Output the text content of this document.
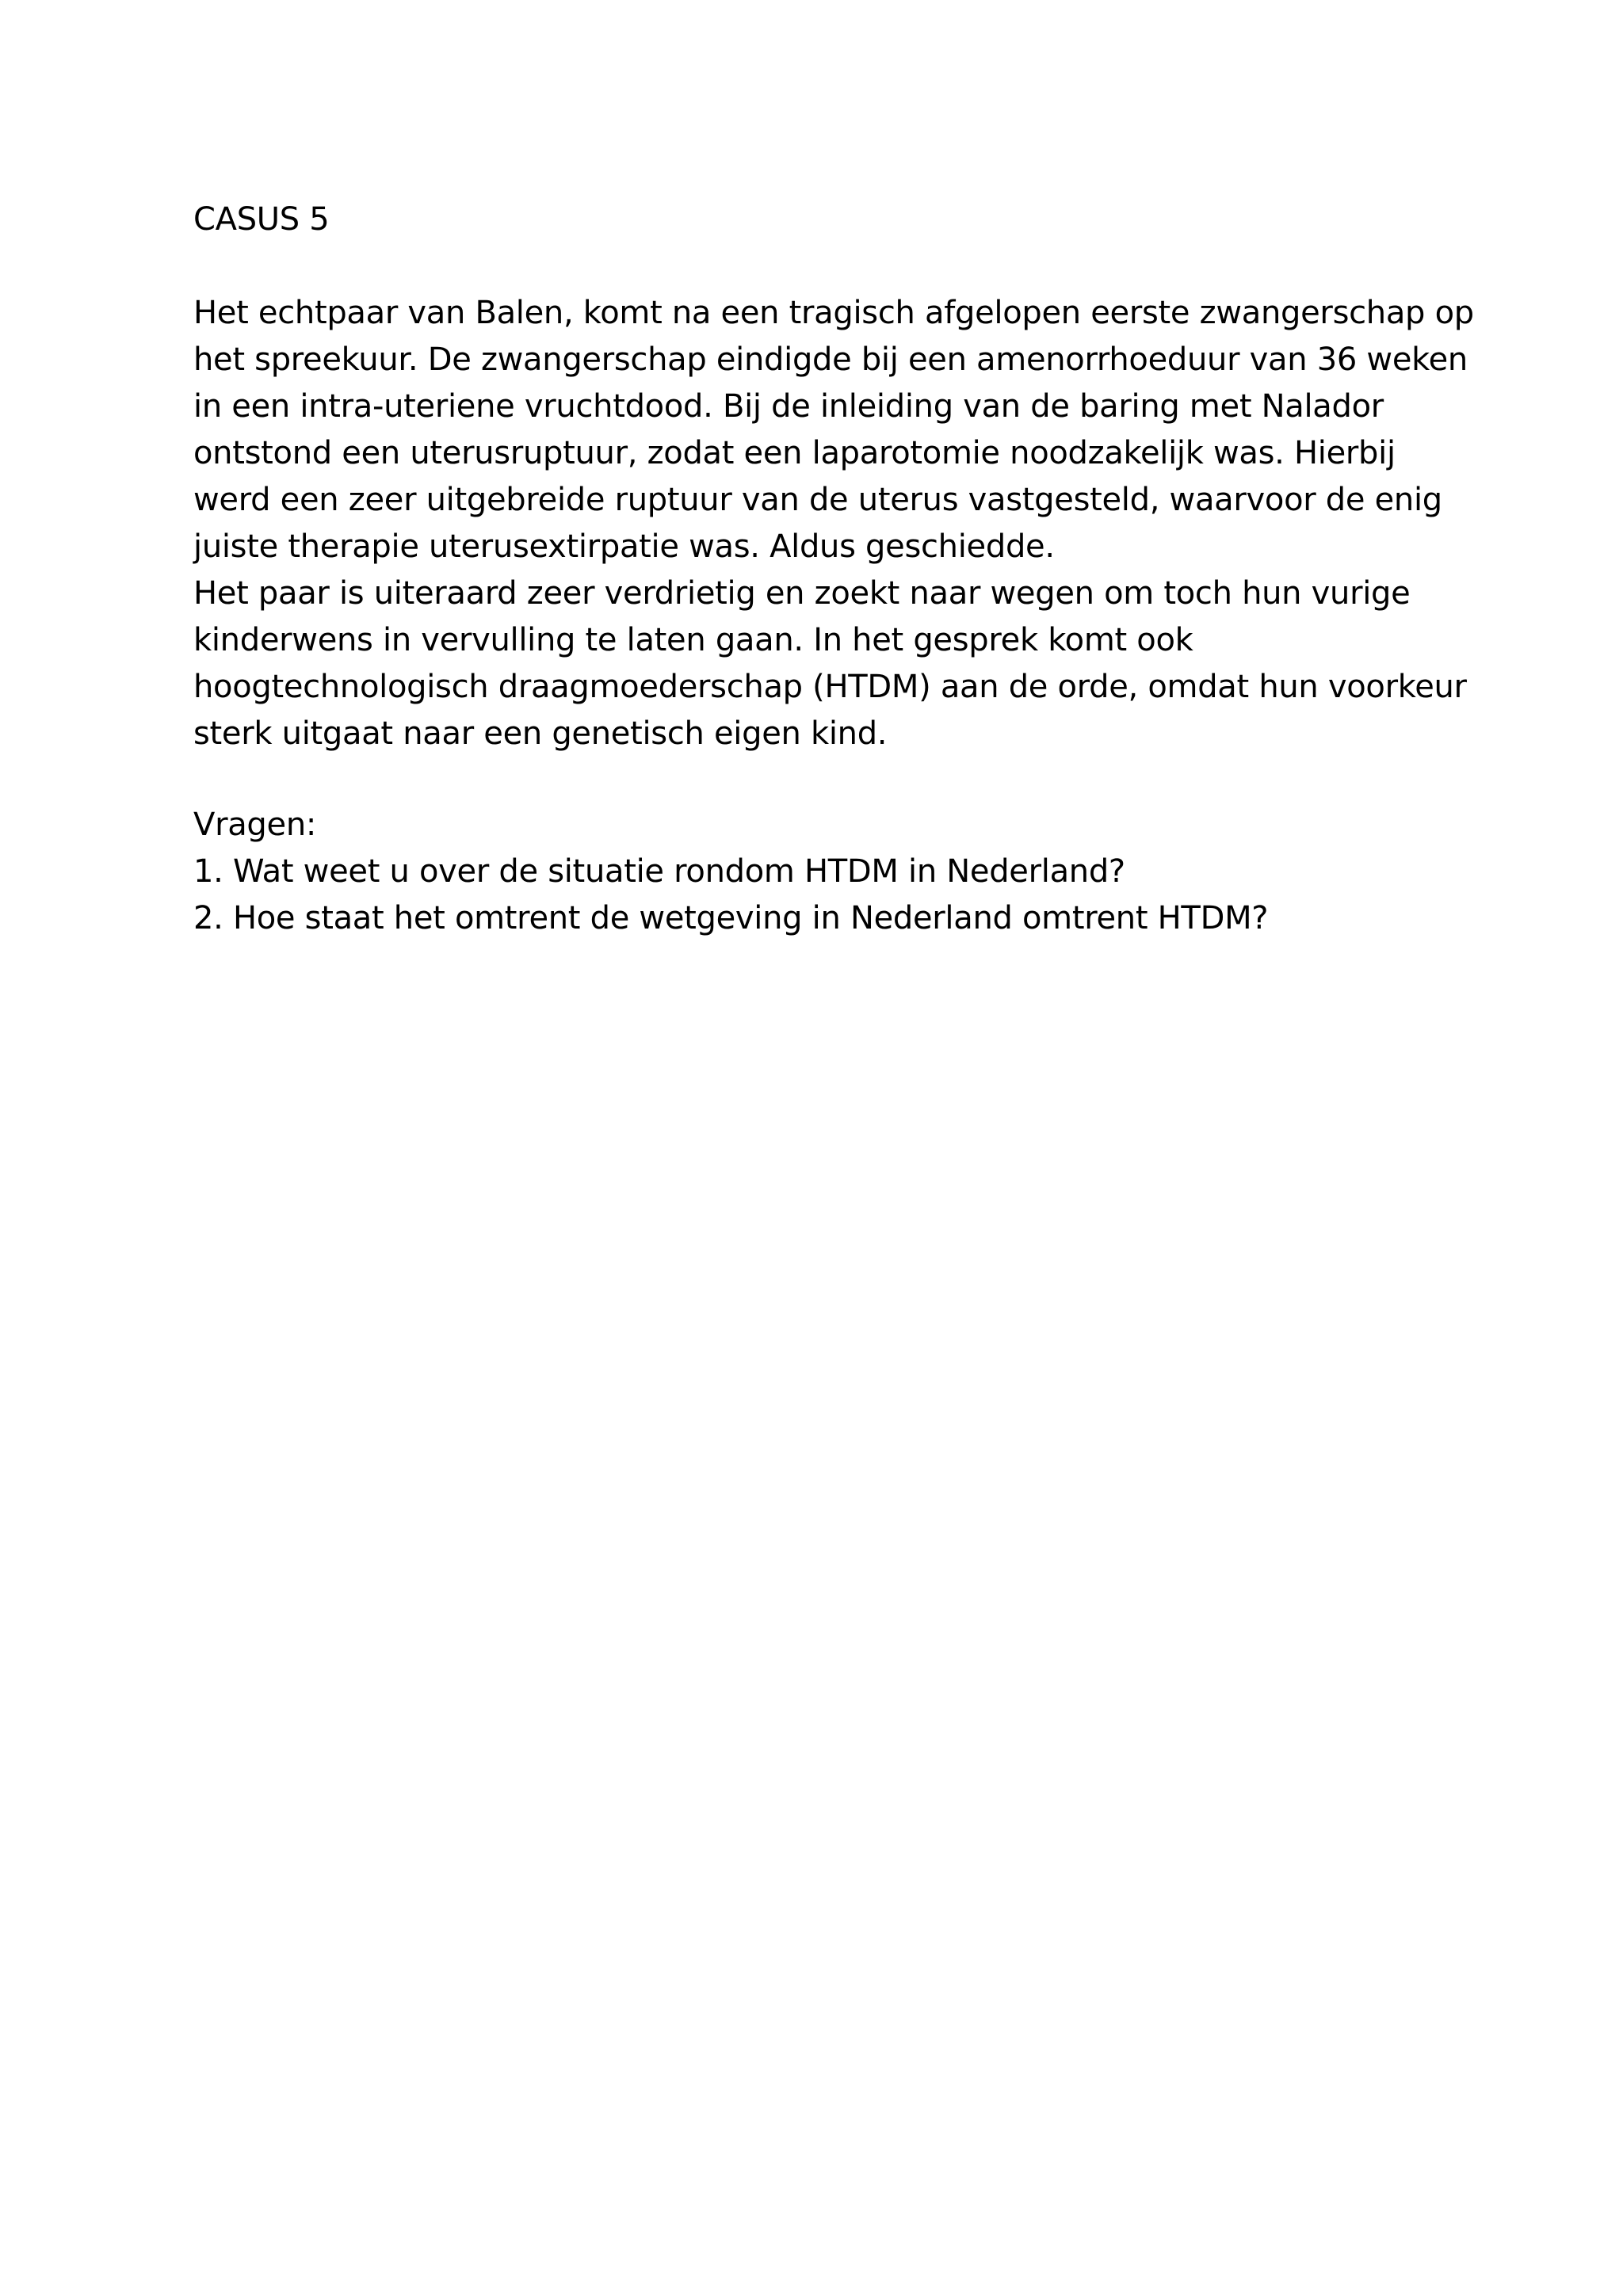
CASUS 5
Het echtpaar van Balen, komt na een tragisch afgelopen eerste zwangerschap op
het spreekuur. De zwangerschap eindigde bij een amenorrhoeduur van 36 weken
in een intra-uteriene vruchtdood. Bij de inleiding van de baring met Nalador
ontstond een uterusruptuur, zodat een laparotomie noodzakelijk was. Hierbij
werd een zeer uitgebreide ruptuur van de uterus vastgesteld, waarvoor de enig
juiste therapie uterusextirpatie was. Aldus geschiedde.
Het paar is uiteraard zeer verdrietig en zoekt naar wegen om toch hun vurige
kinderwens in vervulling te laten gaan. In het gesprek komt ook
hoogtechnologisch draagmoederschap (HTDM) aan de orde, omdat hun voorkeur
sterk uitgaat naar een genetisch eigen kind.
Vragen:
1. Wat weet u over de situatie rondom HTDM in Nederland?
2. Hoe staat het omtrent de wetgeving in Nederland omtrent HTDM?
